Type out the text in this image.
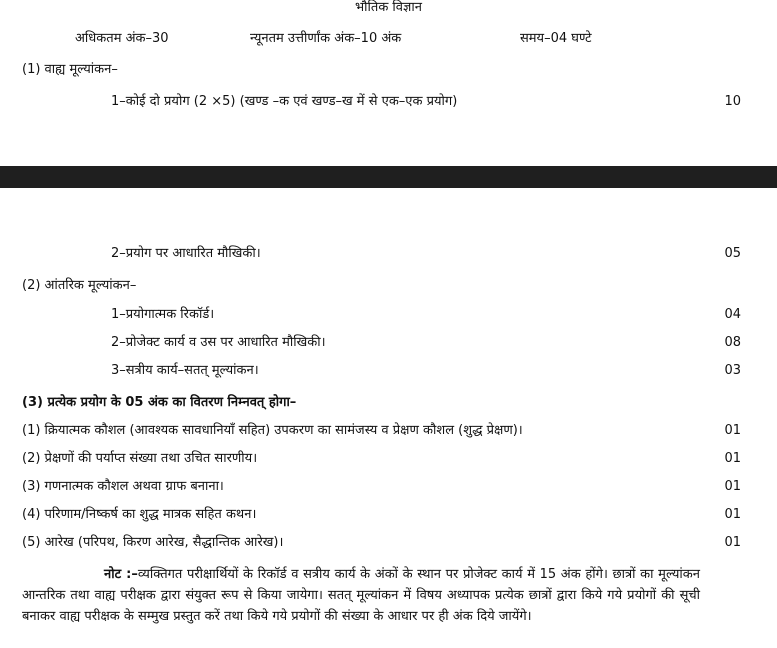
भौतिक विज्ञान
अधिकतम अंक–30	न्यूनतम उत्तीर्णांक अंक–10 अंक	समय–04 घण्टे
(1) वाह्य मूल्यांकन–
1–कोई दो प्रयोग (2 ×5) (खण्ड –क एवं खण्ड–ख में से एक–एक प्रयोग)	10
2–प्रयोग पर आधारित मौखिकी।	05
(2) आंतरिक मूल्यांकन–
1–प्रयोगात्मक रिकॉर्ड।	04
2–प्रोजेक्ट कार्य व उस पर आधारित मौखिकी।	08
3–सत्रीय कार्य–सतत् मूल्यांकन।	03
(3) प्रत्येक प्रयोग के 05 अंक का वितरण निम्नवत् होगा–
(1) क्रियात्मक कौशल (आवश्यक सावधानियाँ सहित) उपकरण का सामंजस्य व प्रेक्षण कौशल (शुद्ध प्रेक्षण)।	01
(2) प्रेक्षणों की पर्याप्त संख्या तथा उचित सारणीय।	01
(3) गणनात्मक कौशल अथवा ग्राफ बनाना।	01
(4) परिणाम/निष्कर्ष का शुद्ध मात्रक सहित कथन।	01
(5) आरेख (परिपथ, किरण आरेख, सैद्धान्तिक आरेख)।	01
नोट :–व्यक्तिगत परीक्षार्थियों के रिकॉर्ड व सत्रीय कार्य के अंकों के स्थान पर प्रोजेक्ट कार्य में 15 अंक होंगे। छात्रों का मूल्यांकन आन्तरिक तथा वाह्य परीक्षक द्वारा संयुक्त रूप से किया जायेगा। सतत् मूल्यांकन में विषय अध्यापक प्रत्येक छात्रों द्वारा किये गये प्रयोगों की सूची बनाकर वाह्य परीक्षक के सम्मुख प्रस्तुत करें तथा किये गये प्रयोगों की संख्या के आधार पर ही अंक दिये जायेंगे।
